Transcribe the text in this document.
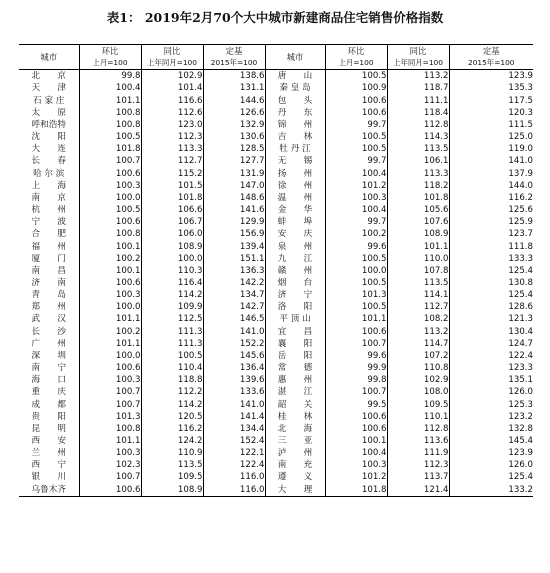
表1： 2019年2月70个大中城市新建商品住宅销售价格指数
城市	环比	同比	定基	城市	环比	同比	定基
	上月=100	上年同月=100	2015年=100		上月=100	上年同月=100	2015年=100
北　　京	99.8	102.9	138.6	唐　　山	100.5	113.2	123.9
天　　津	100.4	101.4	131.1	秦 皇 岛	100.9	118.7	135.3
石 家 庄	101.1	116.6	144.6	包　　头	100.6	111.1	117.5
太　　原	100.8	112.6	126.6	丹　　东	100.6	118.4	120.3
呼和浩特	100.8	123.0	132.9	锦　　州	99.7	112.8	111.5
沈　　阳	100.5	112.3	130.6	吉　　林	100.5	114.3	125.0
大　　连	101.8	113.3	128.5	牡 丹 江	100.5	113.5	119.0
长　　春	100.7	112.7	127.7	无　　锡	99.7	106.1	141.0
哈 尔 滨	100.6	115.2	131.9	扬　　州	100.4	113.3	137.9
上　　海	100.3	101.5	147.0	徐　　州	101.2	118.2	144.0
南　　京	100.0	101.8	148.6	温　　州	100.3	101.8	116.2
杭　　州	100.5	106.6	141.6	金　　华	100.4	105.6	125.6
宁　　波	100.6	106.7	129.9	蚌　　埠	99.7	107.6	125.9
合　　肥	100.8	106.0	156.9	安　　庆	100.2	108.9	123.7
福　　州	100.1	108.9	139.4	泉　　州	99.6	101.1	111.8
厦　　门	100.2	100.0	151.1	九　　江	100.5	110.0	133.3
南　　昌	100.1	110.3	136.3	赣　　州	100.0	107.8	125.4
济　　南	100.6	116.4	142.2	烟　　台	100.5	113.5	130.8
青　　岛	100.3	114.2	134.7	济　　宁	101.3	114.1	125.4
郑　　州	100.0	109.9	142.7	洛　　阳	100.5	112.7	128.6
武　　汉	101.1	112.5	146.5	平 顶 山	101.1	108.2	121.3
长　　沙	100.2	111.3	141.0	宜　　昌	100.6	113.2	130.4
广　　州	101.1	111.3	152.2	襄　　阳	100.7	114.7	124.7
深　　圳	100.0	100.5	145.6	岳　　阳	99.6	107.2	122.4
南　　宁	100.6	110.4	136.4	常　　德	99.9	110.8	123.3
海　　口	100.3	118.8	139.6	惠　　州	99.8	102.9	135.1
重　　庆	100.7	112.2	133.6	湛　　江	100.7	108.0	126.0
成　　都	100.7	114.2	141.0	韶　　关	99.5	109.5	125.3
贵　　阳	101.3	120.5	141.4	桂　　林	100.6	110.1	123.2
昆　　明	100.8	116.2	134.4	北　　海	100.6	112.8	132.8
西　　安	101.1	124.2	152.4	三　　亚	100.1	113.6	145.4
兰　　州	100.3	110.9	122.1	泸　　州	100.4	111.9	123.9
西　　宁	102.3	113.5	122.4	南　　充	100.3	112.3	126.0
银　　川	100.7	109.5	116.0	遵　　义	101.2	113.7	125.4
乌鲁木齐	100.6	108.9	116.0	大　　理	101.8	121.4	133.2
